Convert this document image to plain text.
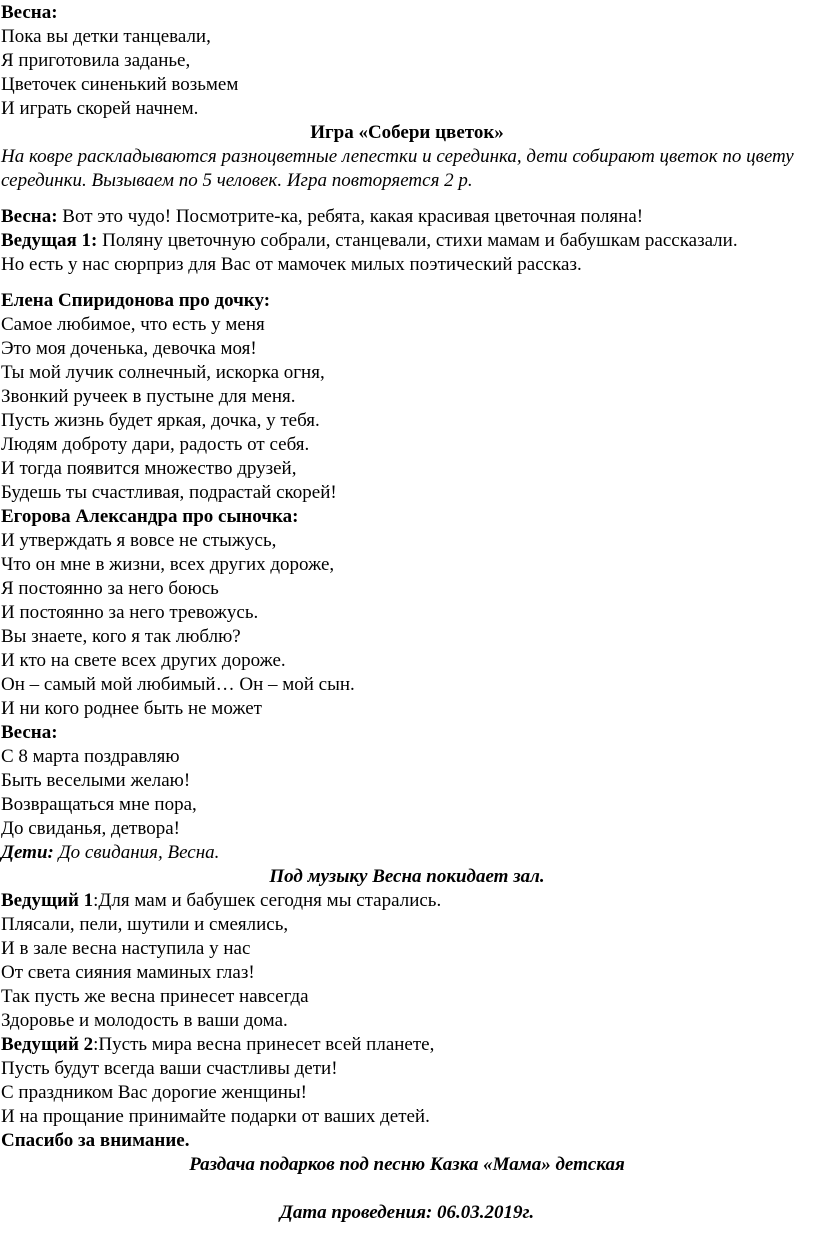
Весна:
Пока вы детки танцевали,
Я приготовила заданье,
Цветочек синенький возьмем
И играть скорей начнем.
Игра «Собери цветок»
На ковре раскладываются разноцветные лепестки и серединка, дети собирают цветок по цвету серединки. Вызываем по 5 человек. Игра повторяется 2 р.
Весна: Вот это чудо! Посмотрите-ка, ребята, какая красивая цветочная поляна!
Ведущая 1: Поляну цветочную собрали, станцевали, стихи мамам и бабушкам рассказали.
Но есть у нас сюрприз для Вас от мамочек милых поэтический рассказ.
Елена Спиридонова про дочку:
Самое любимое, что есть у меня
Это моя доченька, девочка моя!
Ты мой лучик солнечный, искорка огня,
Звонкий ручеек в пустыне для меня.
Пусть жизнь будет яркая, дочка, у тебя.
Людям доброту дари, радость от себя.
И тогда появится множество друзей,
Будешь ты счастливая, подрастай скорей!
Егорова Александра про сыночка:
И утверждать я вовсе не стыжусь,
Что он мне в жизни, всех других дороже,
Я постоянно за него боюсь
И постоянно за него тревожусь.
Вы знаете, кого я так люблю?
И кто на свете всех других дороже.
Он – самый мой любимый… Он – мой сын.
И ни кого роднее быть не может
Весна:
С 8 марта поздравляю
Быть веселыми желаю!
Возвращаться мне пора,
До свиданья, детвора!
Дети: До свидания, Весна.
Под музыку Весна покидает зал.
Ведущий 1:Для мам и бабушек сегодня мы старались.
Плясали, пели, шутили и смеялись,
И в зале весна наступила у нас
От света сияния маминых глаз!
Так пусть же весна принесет навсегда
Здоровье и молодость в ваши дома.
Ведущий 2:Пусть мира весна принесет всей планете,
Пусть будут всегда ваши счастливы дети!
С праздником Вас дорогие женщины!
И на прощание принимайте подарки от ваших детей.
Спасибо за внимание.
Раздача подарков под песню Казка «Мама» детская
Дата проведения: 06.03.2019г.
